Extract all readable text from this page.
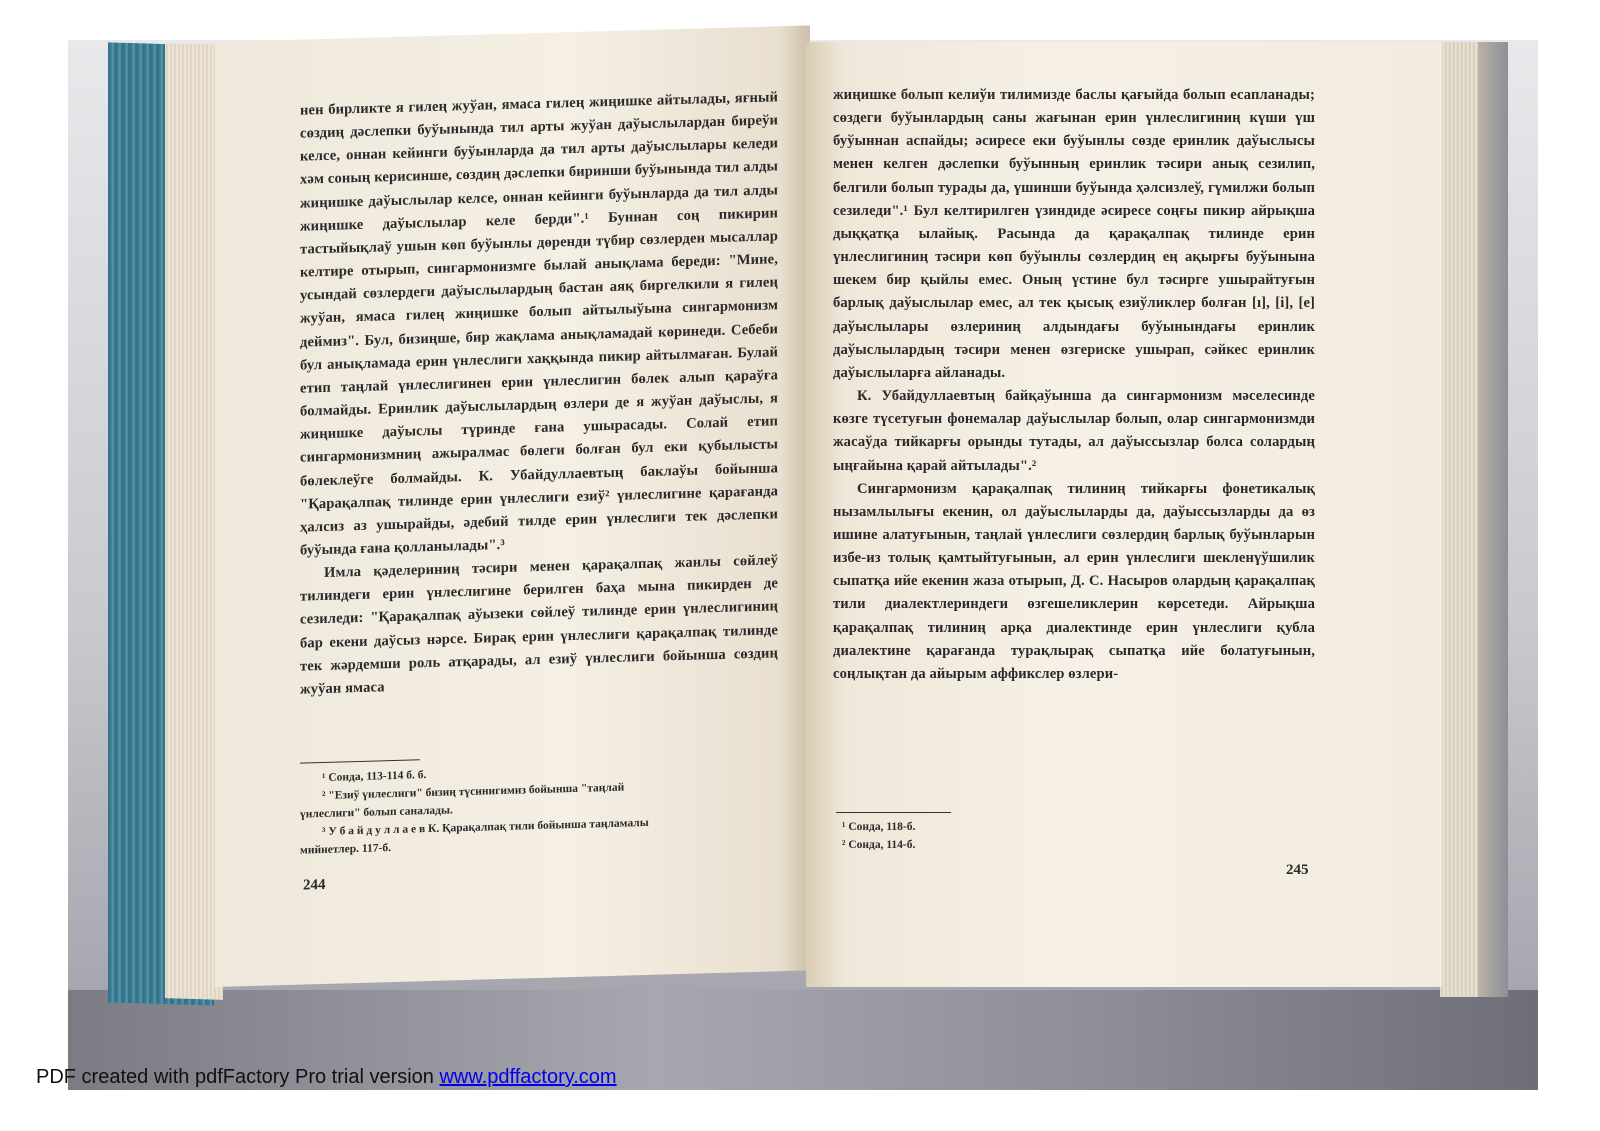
нен бирликте я гилең жуўан, ямаса гилең жиңишке айтылады, яғный сөздиң дәслепки буўынында тил арты жуўан даўыслылардан биреўи келсе, оннан кейинги буўынларда да тил арты даўыслылары келеди хәм соның керисинше, сөздиң дәслепки биринши буўынында тил алды жиңишке даўыслылар келсе, оннан кейинги буўынларда да тил алды жиңишке даўыслылар келе берди".¹ Буннан соң пикирин тастыйықлаў ушын көп буўынлы дөренди түбир сөзлерден мысаллар келтире отырып, сингармонизмге былай анықлама береди: "Мине, усындай сөзлердеги даўыслылардың бастан аяқ биргелкили я гилең жуўан, ямаса гилең жиңишке болып айтылыўына сингармонизм деймиз". Бул, бизиңше, бир жақлама анықламадай көринеди. Себеби бул анықламада ерин үнлеслиги хаққында пикир айтылмаған. Булай етип таңлай үнлеслигинен ерин үнлеслигин бөлек алып қараўға болмайды. Еринлик даўыслылардың өзлери де я жуўан даўыслы, я жиңишке даўыслы түринде ғана ушырасады. Солай етип сингармонизмниң ажыралмас бөлеги болған бул еки қубылысты бөлеклеўге болмайды. К. Убайдуллаевтың баклаўы бойынша "Қарақалпақ тилинде ерин үнлеслиги езиў² үнлеслигине қарағанда ҳалсиз аз ушырайды, әдебий тилде ерин үнлеслиги тек дәслепки буўында ғана қолланылады".³

Имла қәделериниң тәсири менен қарақалпақ жанлы сөйлеў тилиндеги ерин үнлеслигине берилген баҳа мына пикирден де сезиледи: "Қарақалпақ аўызеки сөйлеў тилинде ерин үнлеслигиниң бар екени даўсыз нәрсе. Бирақ ерин үнлеслиги қарақалпақ тилинде тек жәрдемши роль атқарады, ал езиў үнлеслиги бойынша сөздиң жуўан ямаса

¹ Сонда, 113-114 б. б.

² "Езиў үнлеслиги" бизиң түсинигимиз бойынша "таңлай

үнлеслиги" болып саналады.

³ У б а й д у л л а е в К. Қарақалпақ тили бойынша таңламалы

мийнетлер. 117-б.

244

жиңишке болып келиўи тилимизде баслы қағыйда болып есапланады; сөздеги буўынлардың саны жағынан ерин үнлеслигиниң күши үш буўыннан аспайды; әсиресе еки буўынлы сөзде еринлик даўыслысы менен келген дәслепки буўынның еринлик тәсири анық сезилип, белгили болып турады да, үшинши буўында ҳәлсизлеў, гүмилжи болып сезиледи".¹ Бул келтирилген үзиндиде әсиресе соңғы пикир айрықша дыққатқа ылайық. Расында да қарақалпақ тилинде ерин үнлеслигиниң тәсири көп буўынлы сөзлердиң ең ақырғы буўынына шекем бир қыйлы емес. Оның үстине бул тәсирге ушырайтуғын барлық даўыслылар емес, ал тек қысық езиўликлер болған [ı], [i], [е] даўыслылары өзлериниң алдындағы буўынындағы еринлик даўыслылардың тәсири менен өзгериске ушырап, сәйкес еринлик даўыслыларға айланады.

К. Убайдуллаевтың байқаўынша да сингармонизм мәселесинде көзге түсетуғын фонемалар даўыслылар болып, олар сингармонизмди жасаўда тийкарғы орынды тутады, ал даўыссызлар болса солардың ыңғайына қарай айтылады".²

Сингармонизм қарақалпақ тилиниң тийкарғы фонетикалық нызамлылығы екенин, ол даўыслыларды да, даўыссызларды да өз ишине алатуғынын, таңлай үнлеслиги сөзлердиң барлық буўынларын избе-из толық қамтыйтуғынын, ал ерин үнлеслиги шекленүўшилик сыпатқа ийе екенин жаза отырып, Д. С. Насыров олардың қарақалпақ тили диалектлериндеги өзгешеликлерин көрсетеди. Айрықша қарақалпақ тилиниң арқа диалектинде ерин үнлеслиги қубла диалектине қарағанда турақлырақ сыпатқа ийе болатуғынын, соңлықтан да айырым аффикслер өзлери-

¹ Сонда, 118-б.

² Сонда, 114-б.

245
PDF created with pdfFactory Pro trial version www.pdffactory.com
